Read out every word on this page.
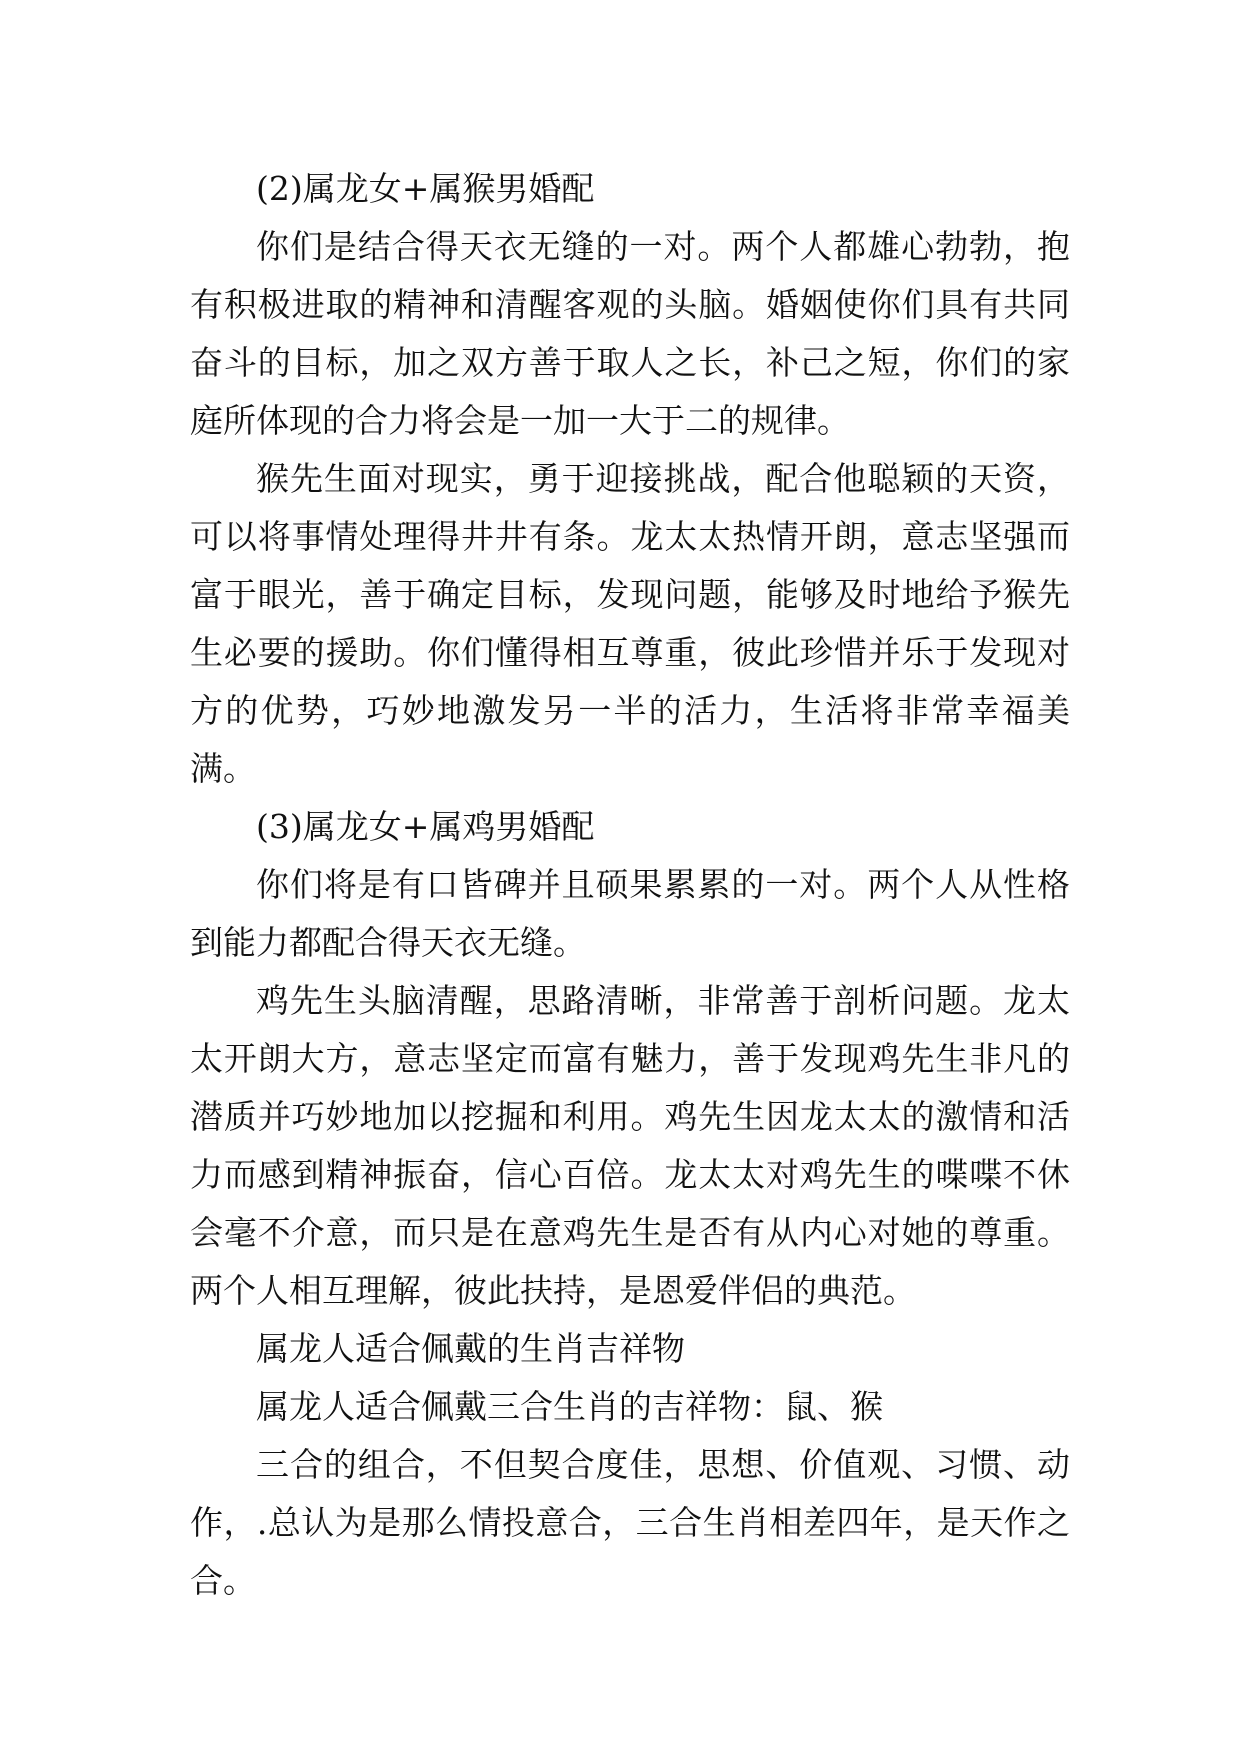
(2)属龙女+属猴男婚配

你们是结合得天衣无缝的一对。两个人都雄心勃勃，抱有积极进取的精神和清醒客观的头脑。婚姻使你们具有共同奋斗的目标，加之双方善于取人之长，补己之短，你们的家庭所体现的合力将会是一加一大于二的规律。

猴先生面对现实，勇于迎接挑战，配合他聪颖的天资，可以将事情处理得井井有条。龙太太热情开朗，意志坚强而富于眼光，善于确定目标，发现问题，能够及时地给予猴先生必要的援助。你们懂得相互尊重，彼此珍惜并乐于发现对方的优势，巧妙地激发另一半的活力，生活将非常幸福美满。

(3)属龙女+属鸡男婚配

你们将是有口皆碑并且硕果累累的一对。两个人从性格到能力都配合得天衣无缝。

鸡先生头脑清醒，思路清晰，非常善于剖析问题。龙太太开朗大方，意志坚定而富有魅力，善于发现鸡先生非凡的潜质并巧妙地加以挖掘和利用。鸡先生因龙太太的激情和活力而感到精神振奋，信心百倍。龙太太对鸡先生的喋喋不休会毫不介意，而只是在意鸡先生是否有从内心对她的尊重。两个人相互理解，彼此扶持，是恩爱伴侣的典范。

属龙人适合佩戴的生肖吉祥物

属龙人适合佩戴三合生肖的吉祥物：鼠、猴

三合的组合，不但契合度佳，思想、价值观、习惯、动作，.总认为是那么情投意合，三合生肖相差四年，是天作之合。
